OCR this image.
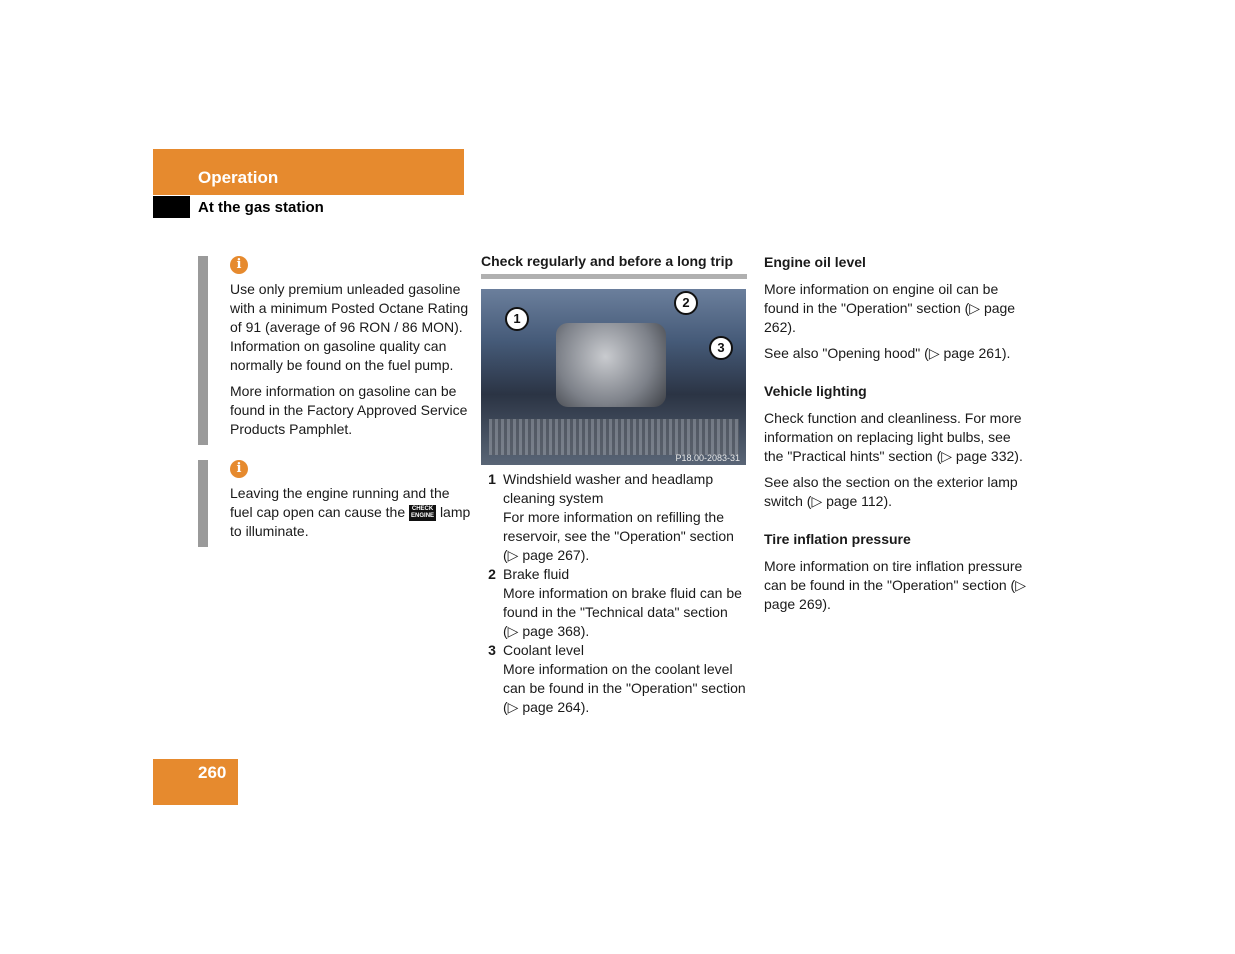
Operation
At the gas station
i

Use only premium unleaded gasoline with a minimum Posted Octane Rating of 91 (average of 96 RON / 86 MON). Information on gasoline quality can normally be found on the fuel pump.

More information on gasoline can be found in the Factory Approved Service Products Pamphlet.

i

Leaving the engine running and the fuel cap open can cause the CHECK
ENGINE lamp to illuminate.

Check regularly and before a long trip
1
2
3
P18.00-2083-31
1 Windshield washer and headlamp cleaning system
For more information on refilling the reservoir, see the "Operation" section (▷ page 267).
2 Brake fluid
More information on brake fluid can be found in the "Technical data" section (▷ page 368).
3 Coolant level
More information on the coolant level can be found in the "Operation" section (▷ page 264).
Engine oil level

More information on engine oil can be found in the "Operation" section (▷ page 262).

See also "Opening hood" (▷ page 261).

Vehicle lighting

Check function and cleanliness. For more information on replacing light bulbs, see the "Practical hints" section (▷ page 332).

See also the section on the exterior lamp switch (▷ page 112).

Tire inflation pressure

More information on tire inflation pressure can be found in the "Operation" section (▷ page 269).

260
